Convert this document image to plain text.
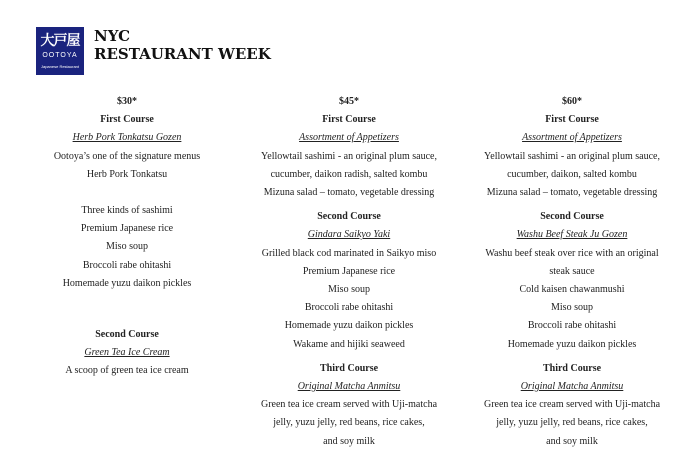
大戸屋
OOTOYA
Japanese Restaurant
NYC
RESTAURANT WEEK
$30*
First Course
Herb Pork Tonkatsu Gozen
Ootoya’s one of the signature menus
Herb Pork Tonkatsu
Three kinds of sashimi
Premium Japanese rice
Miso soup
Broccoli rabe ohitashi
Homemade yuzu daikon pickles
Second Course
Green Tea Ice Cream
A scoop of green tea ice cream
$45*
First Course
Assortment of Appetizers
Yellowtail sashimi - an original plum sauce,
cucumber, daikon radish, salted kombu
Mizuna salad – tomato, vegetable dressing
Second Course
Gindara Saikyo Yaki
Grilled black cod marinated in Saikyo miso
Premium Japanese rice
Miso soup
Broccoli rabe ohitashi
Homemade yuzu daikon pickles
Wakame and hijiki seaweed
Third Course
Original Matcha Anmitsu
Green tea ice cream served with Uji-matcha
jelly, yuzu jelly, red beans, rice cakes,
and soy milk
$60*
First Course
Assortment of Appetizers
Yellowtail sashimi - an original plum sauce,
cucumber, daikon, salted kombu
Mizuna salad – tomato, vegetable dressing
Second Course
Washu Beef Steak Ju Gozen
Washu beef steak over rice with an original
steak sauce
Cold kaisen chawanmushi
Miso soup
Broccoli rabe ohitashi
Homemade yuzu daikon pickles
Third Course
Original Matcha Anmitsu
Green tea ice cream served with Uji-matcha
jelly, yuzu jelly, red beans, rice cakes,
and soy milk
